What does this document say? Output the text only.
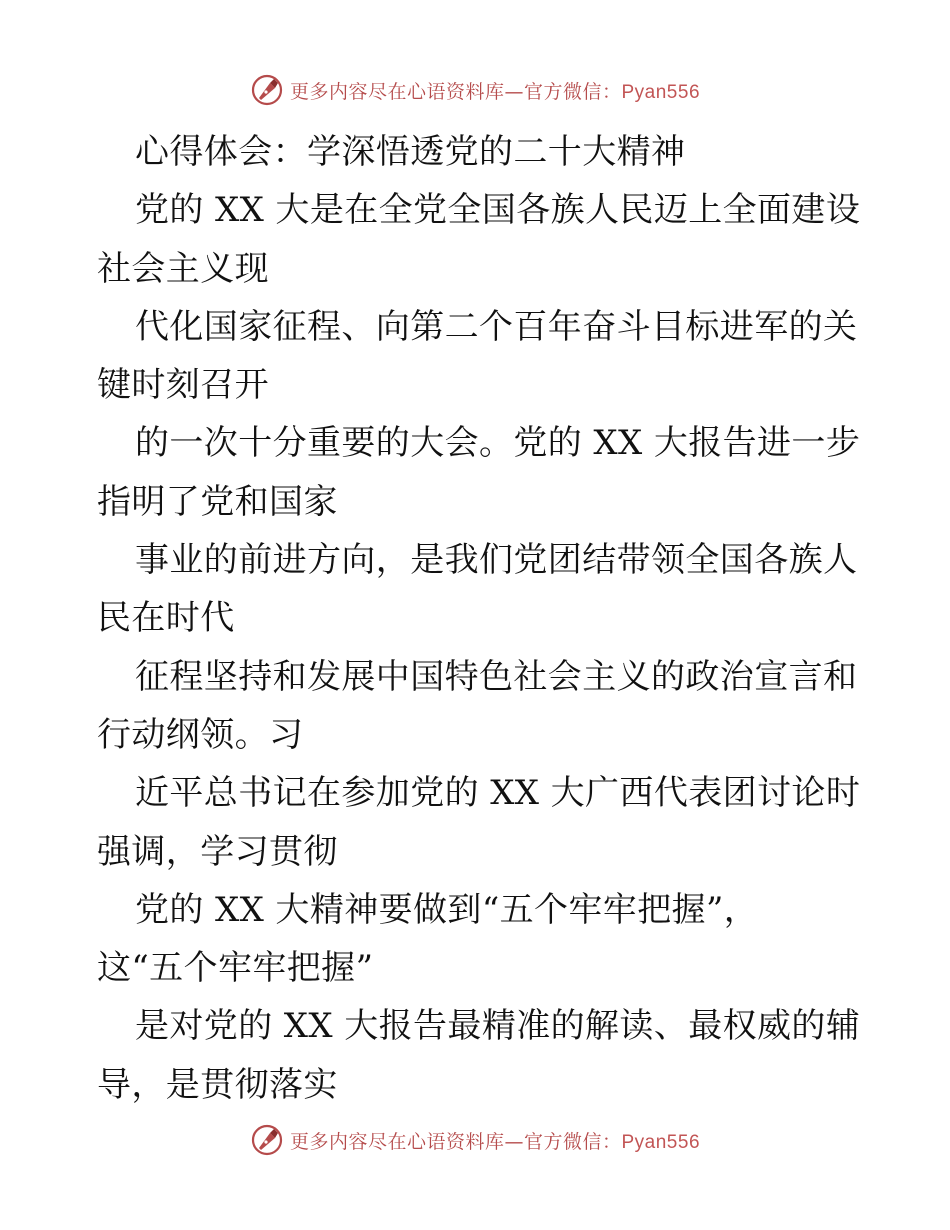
更多内容尽在心语资料库—官方微信：Pyan556
心得体会：学深悟透党的二十大精神
党的 XX 大是在全党全国各族人民迈上全面建设
社会主义现
代化国家征程、向第二个百年奋斗目标进军的关
键时刻召开
的一次十分重要的大会。党的 XX 大报告进一步
指明了党和国家
事业的前进方向，是我们党团结带领全国各族人
民在时代
征程坚持和发展中国特色社会主义的政治宣言和
行动纲领。习
近平总书记在参加党的 XX 大广西代表团讨论时
强调，学习贯彻
党的 XX 大精神要做到“五个牢牢把握”，
这“五个牢牢把握”
是对党的 XX 大报告最精准的解读、最权威的辅
导，是贯彻落实
更多内容尽在心语资料库—官方微信：Pyan556
